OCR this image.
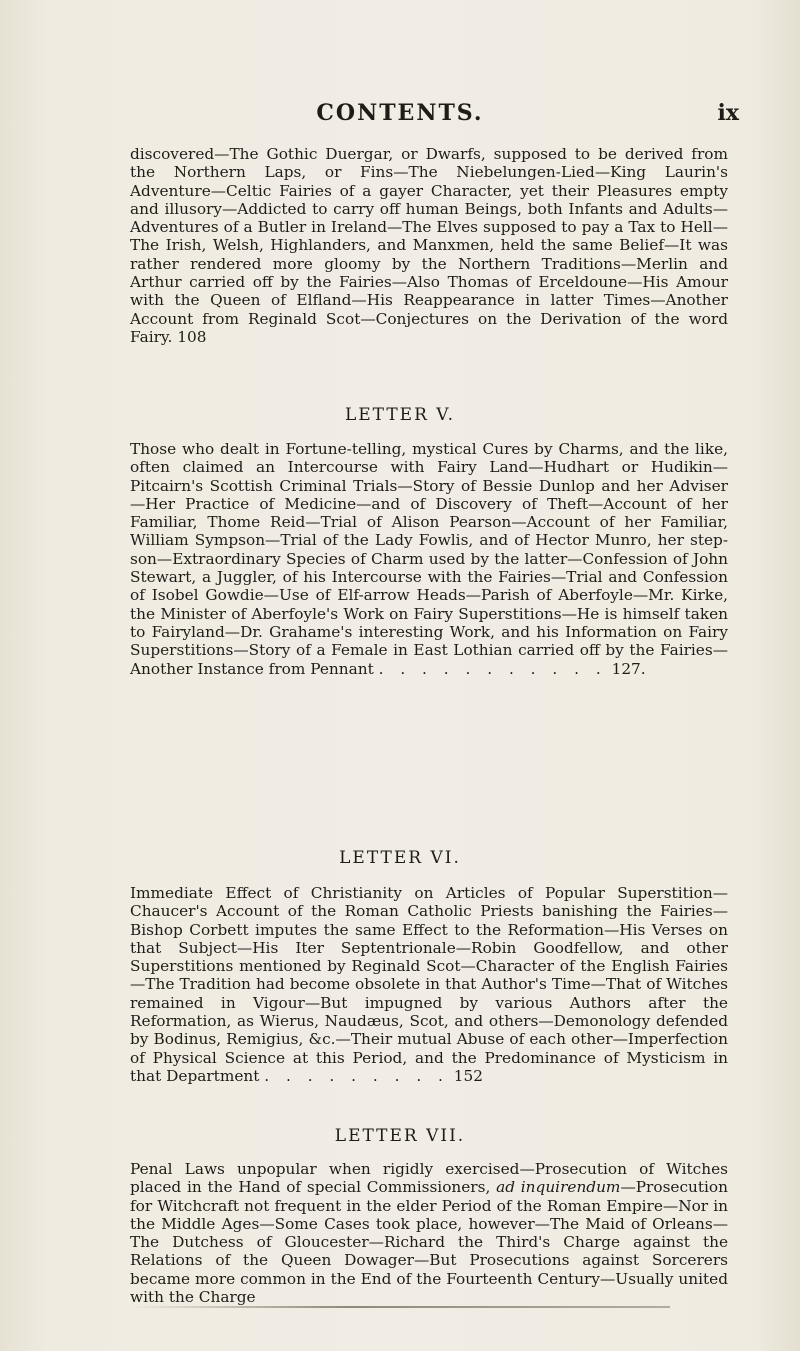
CONTENTS.	ix

discovered—The Gothic Duergar, or Dwarfs, supposed to be derived from the Northern Laps, or Fins—The Niebelungen-Lied—King Laurin's Adventure—Celtic Fairies of a gayer Character, yet their Pleasures empty and illusory—Addicted to carry off human Beings, both Infants and Adults—Adventures of a Butler in Ireland—The Elves supposed to pay a Tax to Hell—The Irish, Welsh, Highlanders, and Manxmen, held the same Belief—It was rather rendered more gloomy by the Northern Traditions—Merlin and Arthur carried off by the Fairies—Also Thomas of Erceldoune—His Amour with the Queen of Elfland—His Reappearance in latter Times—Another Account from Reginald Scot—Conjectures on the Derivation of the word Fairy. 108

LETTER V.

Those who dealt in Fortune-telling, mystical Cures by Charms, and the like, often claimed an Intercourse with Fairy Land—Hudhart or Hudikin—Pitcairn's Scottish Criminal Trials—Story of Bessie Dunlop and her Adviser—Her Practice of Medicine—and of Discovery of Theft—Account of her Familiar, Thome Reid—Trial of Alison Pearson—Account of her Familiar, William Sympson—Trial of the Lady Fowlis, and of Hector Munro, her step-son—Extraordinary Species of Charm used by the latter—Confession of John Stewart, a Juggler, of his Intercourse with the Fairies—Trial and Confession of Isobel Gowdie—Use of Elf-arrow Heads—Parish of Aberfoyle—Mr. Kirke, the Minister of Aberfoyle's Work on Fairy Superstitions—He is himself taken to Fairyland—Dr. Grahame's interesting Work, and his Information on Fairy Superstitions—Story of a Female in East Lothian carried off by the Fairies—Another Instance from Pennant . . . . . . . . . . . 127.

LETTER VI.

Immediate Effect of Christianity on Articles of Popular Superstition—Chaucer's Account of the Roman Catholic Priests banishing the Fairies—Bishop Corbett imputes the same Effect to the Reformation—His Verses on that Subject—His Iter Septentrionale—Robin Goodfellow, and other Superstitions mentioned by Reginald Scot—Character of the English Fairies—The Tradition had become obsolete in that Author's Time—That of Witches remained in Vigour—But impugned by various Authors after the Reformation, as Wierus, Naudæus, Scot, and others—Demonology defended by Bodinus, Remigius, &c.—Their mutual Abuse of each other—Imperfection of Physical Science at this Period, and the Predominance of Mysticism in that Department . . . . . . . . . 152

LETTER VII.

Penal Laws unpopular when rigidly exercised—Prosecution of Witches placed in the Hand of special Commissioners, ad inquirendum—Prosecution for Witchcraft not frequent in the elder Period of the Roman Empire—Nor in the Middle Ages—Some Cases took place, however—The Maid of Orleans—The Dutchess of Gloucester—Richard the Third's Charge against the Relations of the Queen Dowager—But Prosecutions against Sorcerers became more common in the End of the Fourteenth Century—Usually united with the Charge
